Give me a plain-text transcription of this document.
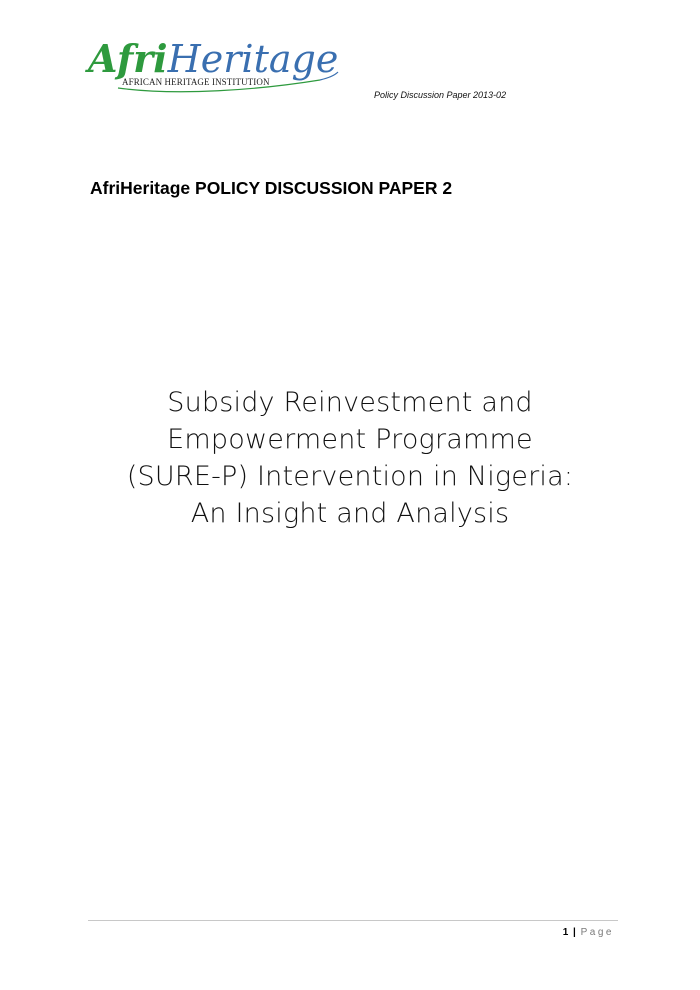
AfriHeritage
AFRICAN HERITAGE INSTITUTION
Policy Discussion Paper 2013-02
AfriHeritage POLICY DISCUSSION PAPER 2
Subsidy Reinvestment and
Empowerment Programme
(SURE-P) Intervention in Nigeria:
An Insight and Analysis
1 | Page
